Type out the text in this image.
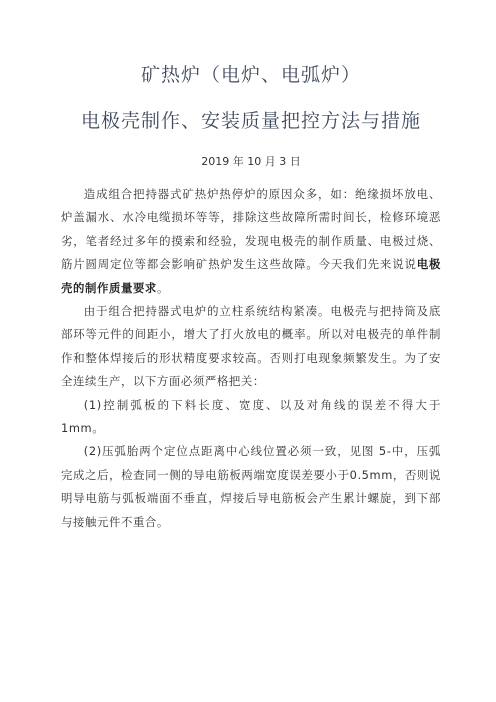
矿热炉（电炉、电弧炉）
电极壳制作、安装质量把控方法与措施
2019 年 10 月 3 日

造成组合把持器式矿热炉热停炉的原因众多，如：绝缘损坏放电、炉盖漏水、水冷电缆损坏等等，排除这些故障所需时间长，检修环境恶劣，笔者经过多年的摸索和经验，发现电极壳的制作质量、电极过烧、筋片圆周定位等都会影响矿热炉发生这些故障。今天我们先来说说电极壳的制作质量要求。

由于组合把持器式电炉的立柱系统结构紧凑。电极壳与把持筒及底部环等元件的间距小，增大了打火放电的概率。所以对电极壳的单件制作和整体焊接后的形状精度要求较高。否则打电现象频繁发生。为了安全连续生产，以下方面必须严格把关：

(1)控制弧板的下料长度、宽度、以及对角线的误差不得大于1mm。

(2)压弧胎两个定位点距离中心线位置必须一致，见图 5-中，压弧完成之后，检查同一侧的导电筋板两端宽度误差要小于0.5mm，否则说明导电筋与弧板端面不垂直，焊接后导电筋板会产生累计螺旋，到下部与接触元件不重合。
